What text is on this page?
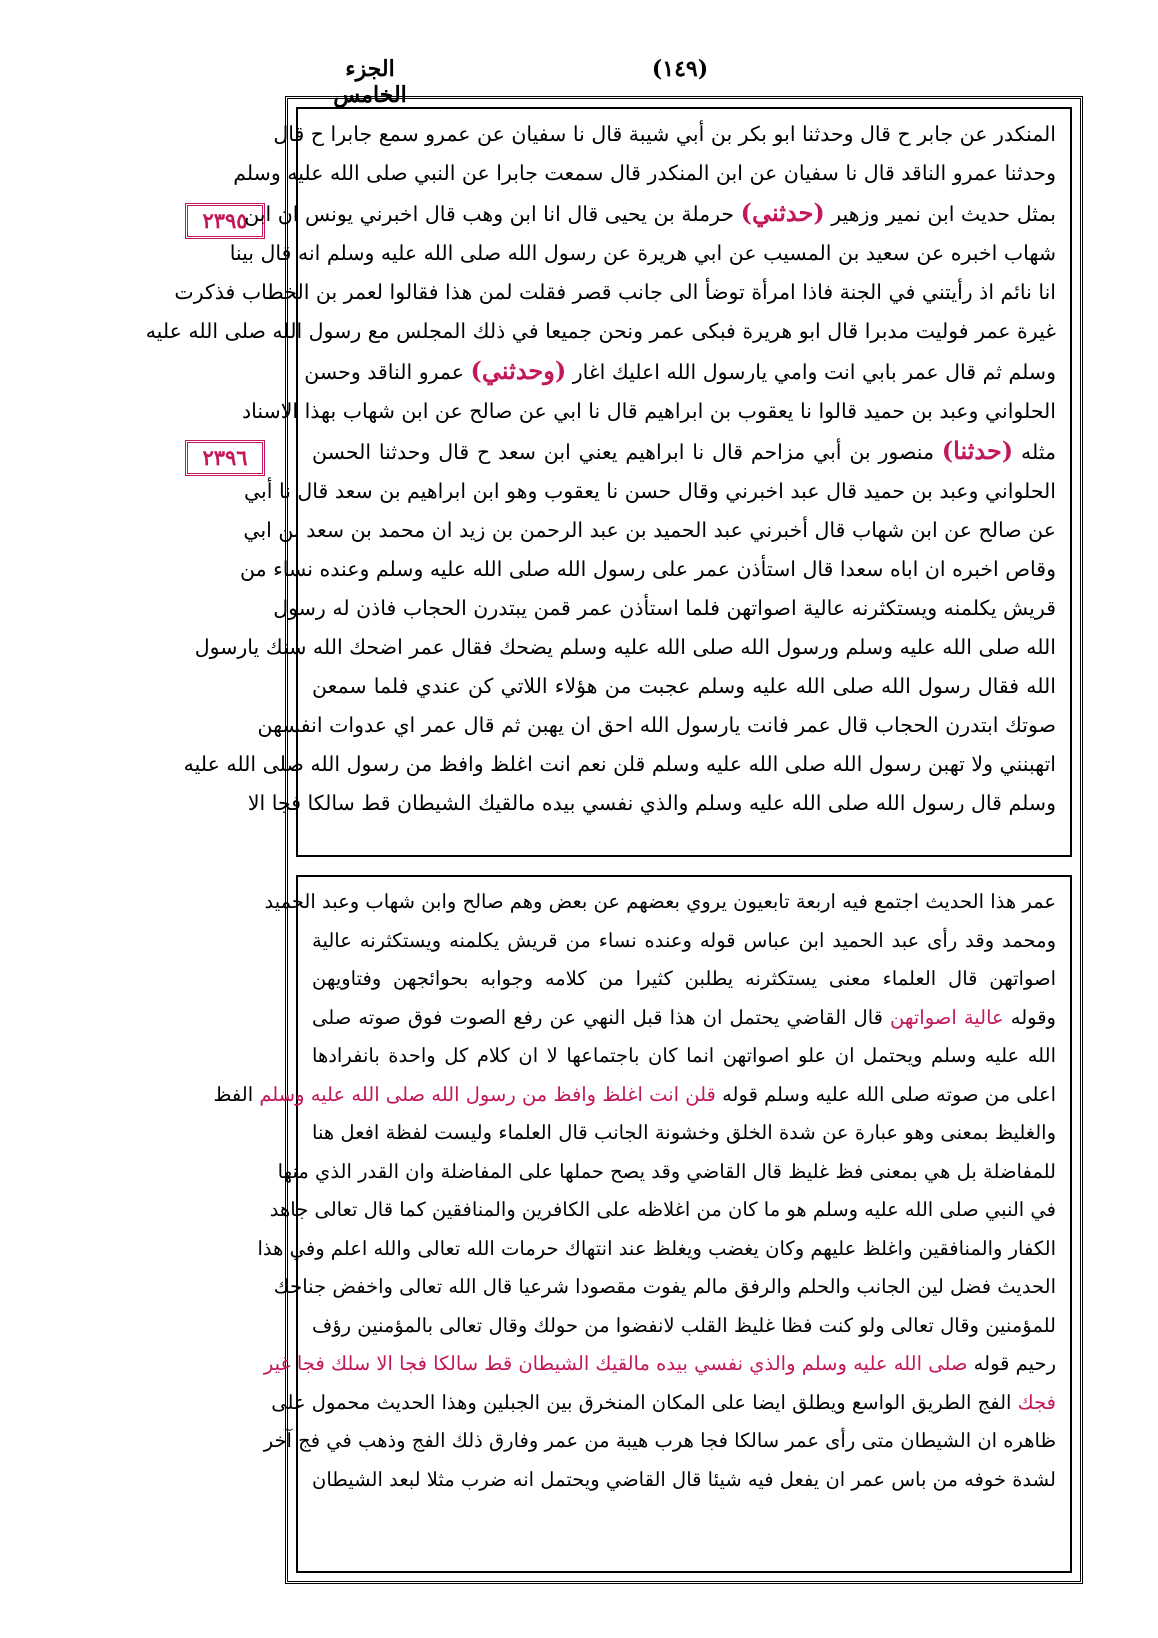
(١٤٩)
الجزء الخامس
٢٣٩٥
٢٣٩٦
المنكدر عن جابر ح قال وحدثنا ابو بكر بن أبي شيبة قال نا سفيان عن عمرو سمع جابرا ح قال
وحدثنا عمرو الناقد قال نا سفيان عن ابن المنكدر قال سمعت جابرا عن النبي صلى الله عليه وسلم
بمثل حديث ابن نمير وزهير (حدثني) حرملة بن يحيى قال انا ابن وهب قال اخبرني يونس ان ابن
شهاب اخبره عن سعيد بن المسيب عن ابي هريرة عن رسول الله صلى الله عليه وسلم انه قال بينا
انا نائم اذ رأيتني في الجنة فاذا امرأة توضأ الى جانب قصر فقلت لمن هذا فقالوا لعمر بن الخطاب فذكرت
غيرة عمر فوليت مدبرا قال ابو هريرة فبكى عمر ونحن جميعا في ذلك المجلس مع رسول الله صلى الله عليه
وسلم ثم قال عمر بابي انت وامي يارسول الله اعليك اغار (وحدثني) عمرو الناقد وحسن
الحلواني وعبد بن حميد قالوا نا يعقوب بن ابراهيم قال نا ابي عن صالح عن ابن شهاب بهذا الاسناد
مثله (حدثنا) منصور بن أبي مزاحم قال نا ابراهيم يعني ابن سعد ح قال وحدثنا الحسن
الحلواني وعبد بن حميد قال عبد اخبرني وقال حسن نا يعقوب وهو ابن ابراهيم بن سعد قال نا أبي
عن صالح عن ابن شهاب قال أخبرني عبد الحميد بن عبد الرحمن بن زيد ان محمد بن سعد بن ابي
وقاص اخبره ان اباه سعدا قال استأذن عمر على رسول الله صلى الله عليه وسلم وعنده نساء من
قريش يكلمنه ويستكثرنه عالية اصواتهن فلما استأذن عمر قمن يبتدرن الحجاب فاذن له رسول
الله صلى الله عليه وسلم ورسول الله صلى الله عليه وسلم يضحك فقال عمر اضحك الله سنك يارسول
الله فقال رسول الله صلى الله عليه وسلم عجبت من هؤلاء اللاتي كن عندي فلما سمعن
صوتك ابتدرن الحجاب قال عمر فانت يارسول الله احق ان يهبن ثم قال عمر اي عدوات انفسهن
اتهبنني ولا تهبن رسول الله صلى الله عليه وسلم قلن نعم انت اغلظ وافظ من رسول الله صلى الله عليه
وسلم قال رسول الله صلى الله عليه وسلم والذي نفسي بيده مالقيك الشيطان قط سالكا فجا الا
عمر هذا الحديث اجتمع فيه اربعة تابعيون يروي بعضهم عن بعض وهم صالح وابن شهاب وعبد الحميد
ومحمد وقد رأى عبد الحميد ابن عباس قوله وعنده نساء من قريش يكلمنه ويستكثرنه عالية
اصواتهن قال العلماء معنى يستكثرنه يطلبن كثيرا من كلامه وجوابه بحوائجهن وفتاويهن
وقوله عالية اصواتهن قال القاضي يحتمل ان هذا قبل النهي عن رفع الصوت فوق صوته صلى
الله عليه وسلم ويحتمل ان علو اصواتهن انما كان باجتماعها لا ان كلام كل واحدة بانفرادها
اعلى من صوته صلى الله عليه وسلم قوله قلن انت اغلظ وافظ من رسول الله صلى الله عليه وسلم الفظ
والغليظ بمعنى وهو عبارة عن شدة الخلق وخشونة الجانب قال العلماء وليست لفظة افعل هنا
للمفاضلة بل هي بمعنى فظ غليظ قال القاضي وقد يصح حملها على المفاضلة وان القدر الذي منها
في النبي صلى الله عليه وسلم هو ما كان من اغلاظه على الكافرين والمنافقين كما قال تعالى جاهد
الكفار والمنافقين واغلظ عليهم وكان يغضب ويغلظ عند انتهاك حرمات الله تعالى والله اعلم وفي هذا
الحديث فضل لين الجانب والحلم والرفق مالم يفوت مقصودا شرعيا قال الله تعالى واخفض جناحك
للمؤمنين وقال تعالى ولو كنت فظا غليظ القلب لانفضوا من حولك وقال تعالى بالمؤمنين رؤف
رحيم قوله صلى الله عليه وسلم والذي نفسي بيده مالقيك الشيطان قط سالكا فجا الا سلك فجا غير
فجك الفج الطريق الواسع ويطلق ايضا على المكان المنخرق بين الجبلين وهذا الحديث محمول على
ظاهره ان الشيطان متى رأى عمر سالكا فجا هرب هيبة من عمر وفارق ذلك الفج وذهب في فج آخر
لشدة خوفه من باس عمر ان يفعل فيه شيئا قال القاضي ويحتمل انه ضرب مثلا لبعد الشيطان
